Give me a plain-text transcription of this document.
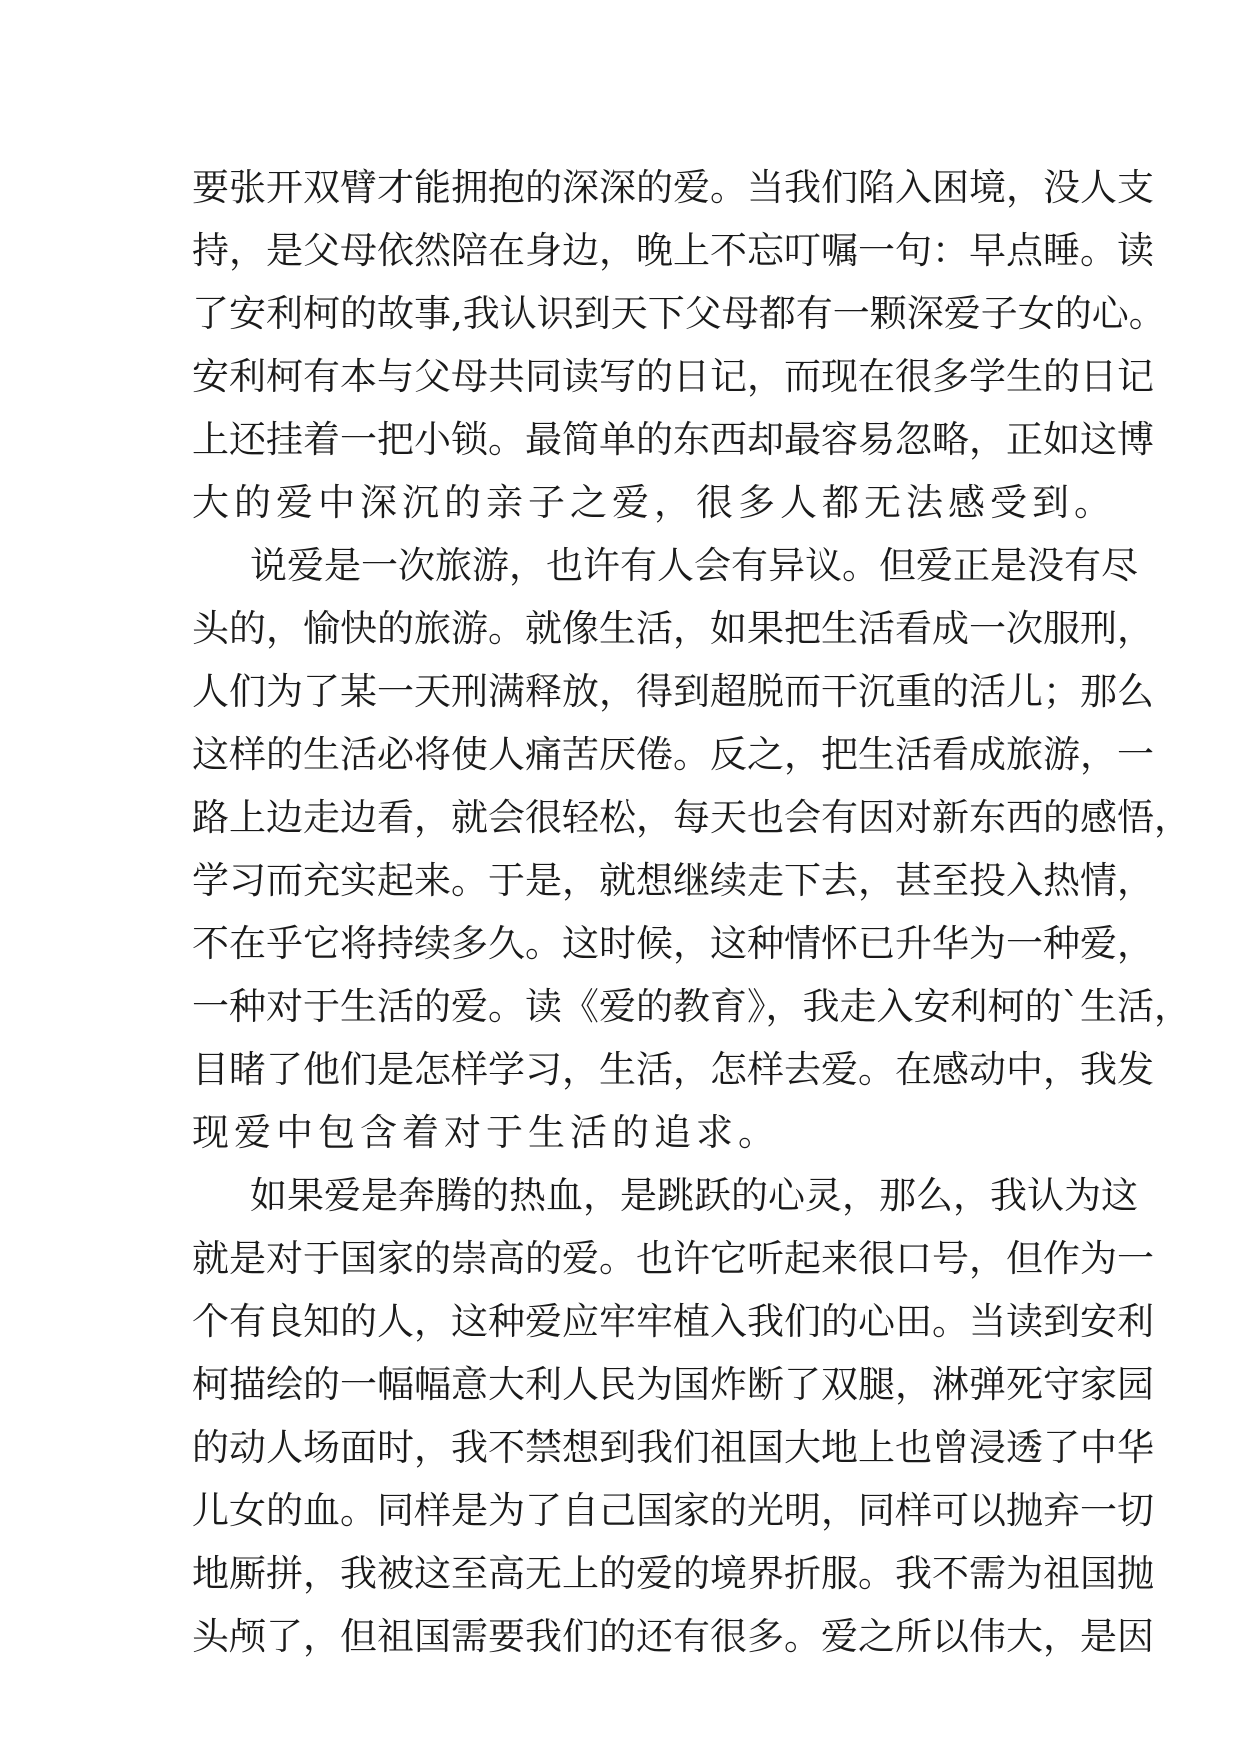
要张开双臂才能拥抱的深深的爱。当我们陷入困境，没人支
持，是父母依然陪在身边，晚上不忘叮嘱一句：早点睡。读
了安利柯的故事,我认识到天下父母都有一颗深爱子女的心。
安利柯有本与父母共同读写的日记，而现在很多学生的日记
上还挂着一把小锁。最简单的东西却最容易忽略，正如这博
大的爱中深沉的亲子之爱，很多人都无法感受到。
说爱是一次旅游，也许有人会有异议。但爱正是没有尽
头的，愉快的旅游。就像生活，如果把生活看成一次服刑，
人们为了某一天刑满释放，得到超脱而干沉重的活儿；那么
这样的生活必将使人痛苦厌倦。反之，把生活看成旅游，一
路上边走边看，就会很轻松，每天也会有因对新东西的感悟，
学习而充实起来。于是，就想继续走下去，甚至投入热情，
不在乎它将持续多久。这时候，这种情怀已升华为一种爱，
一种对于生活的爱。读《爱的教育》，我走入安利柯的`生活，
目睹了他们是怎样学习，生活，怎样去爱。在感动中，我发
现爱中包含着对于生活的追求。
如果爱是奔腾的热血，是跳跃的心灵，那么，我认为这
就是对于国家的崇高的爱。也许它听起来很口号，但作为一
个有良知的人，这种爱应牢牢植入我们的心田。当读到安利
柯描绘的一幅幅意大利人民为国炸断了双腿，淋弹死守家园
的动人场面时，我不禁想到我们祖国大地上也曾浸透了中华
儿女的血。同样是为了自己国家的光明，同样可以抛弃一切
地厮拼，我被这至高无上的爱的境界折服。我不需为祖国抛
头颅了，但祖国需要我们的还有很多。爱之所以伟大，是因
